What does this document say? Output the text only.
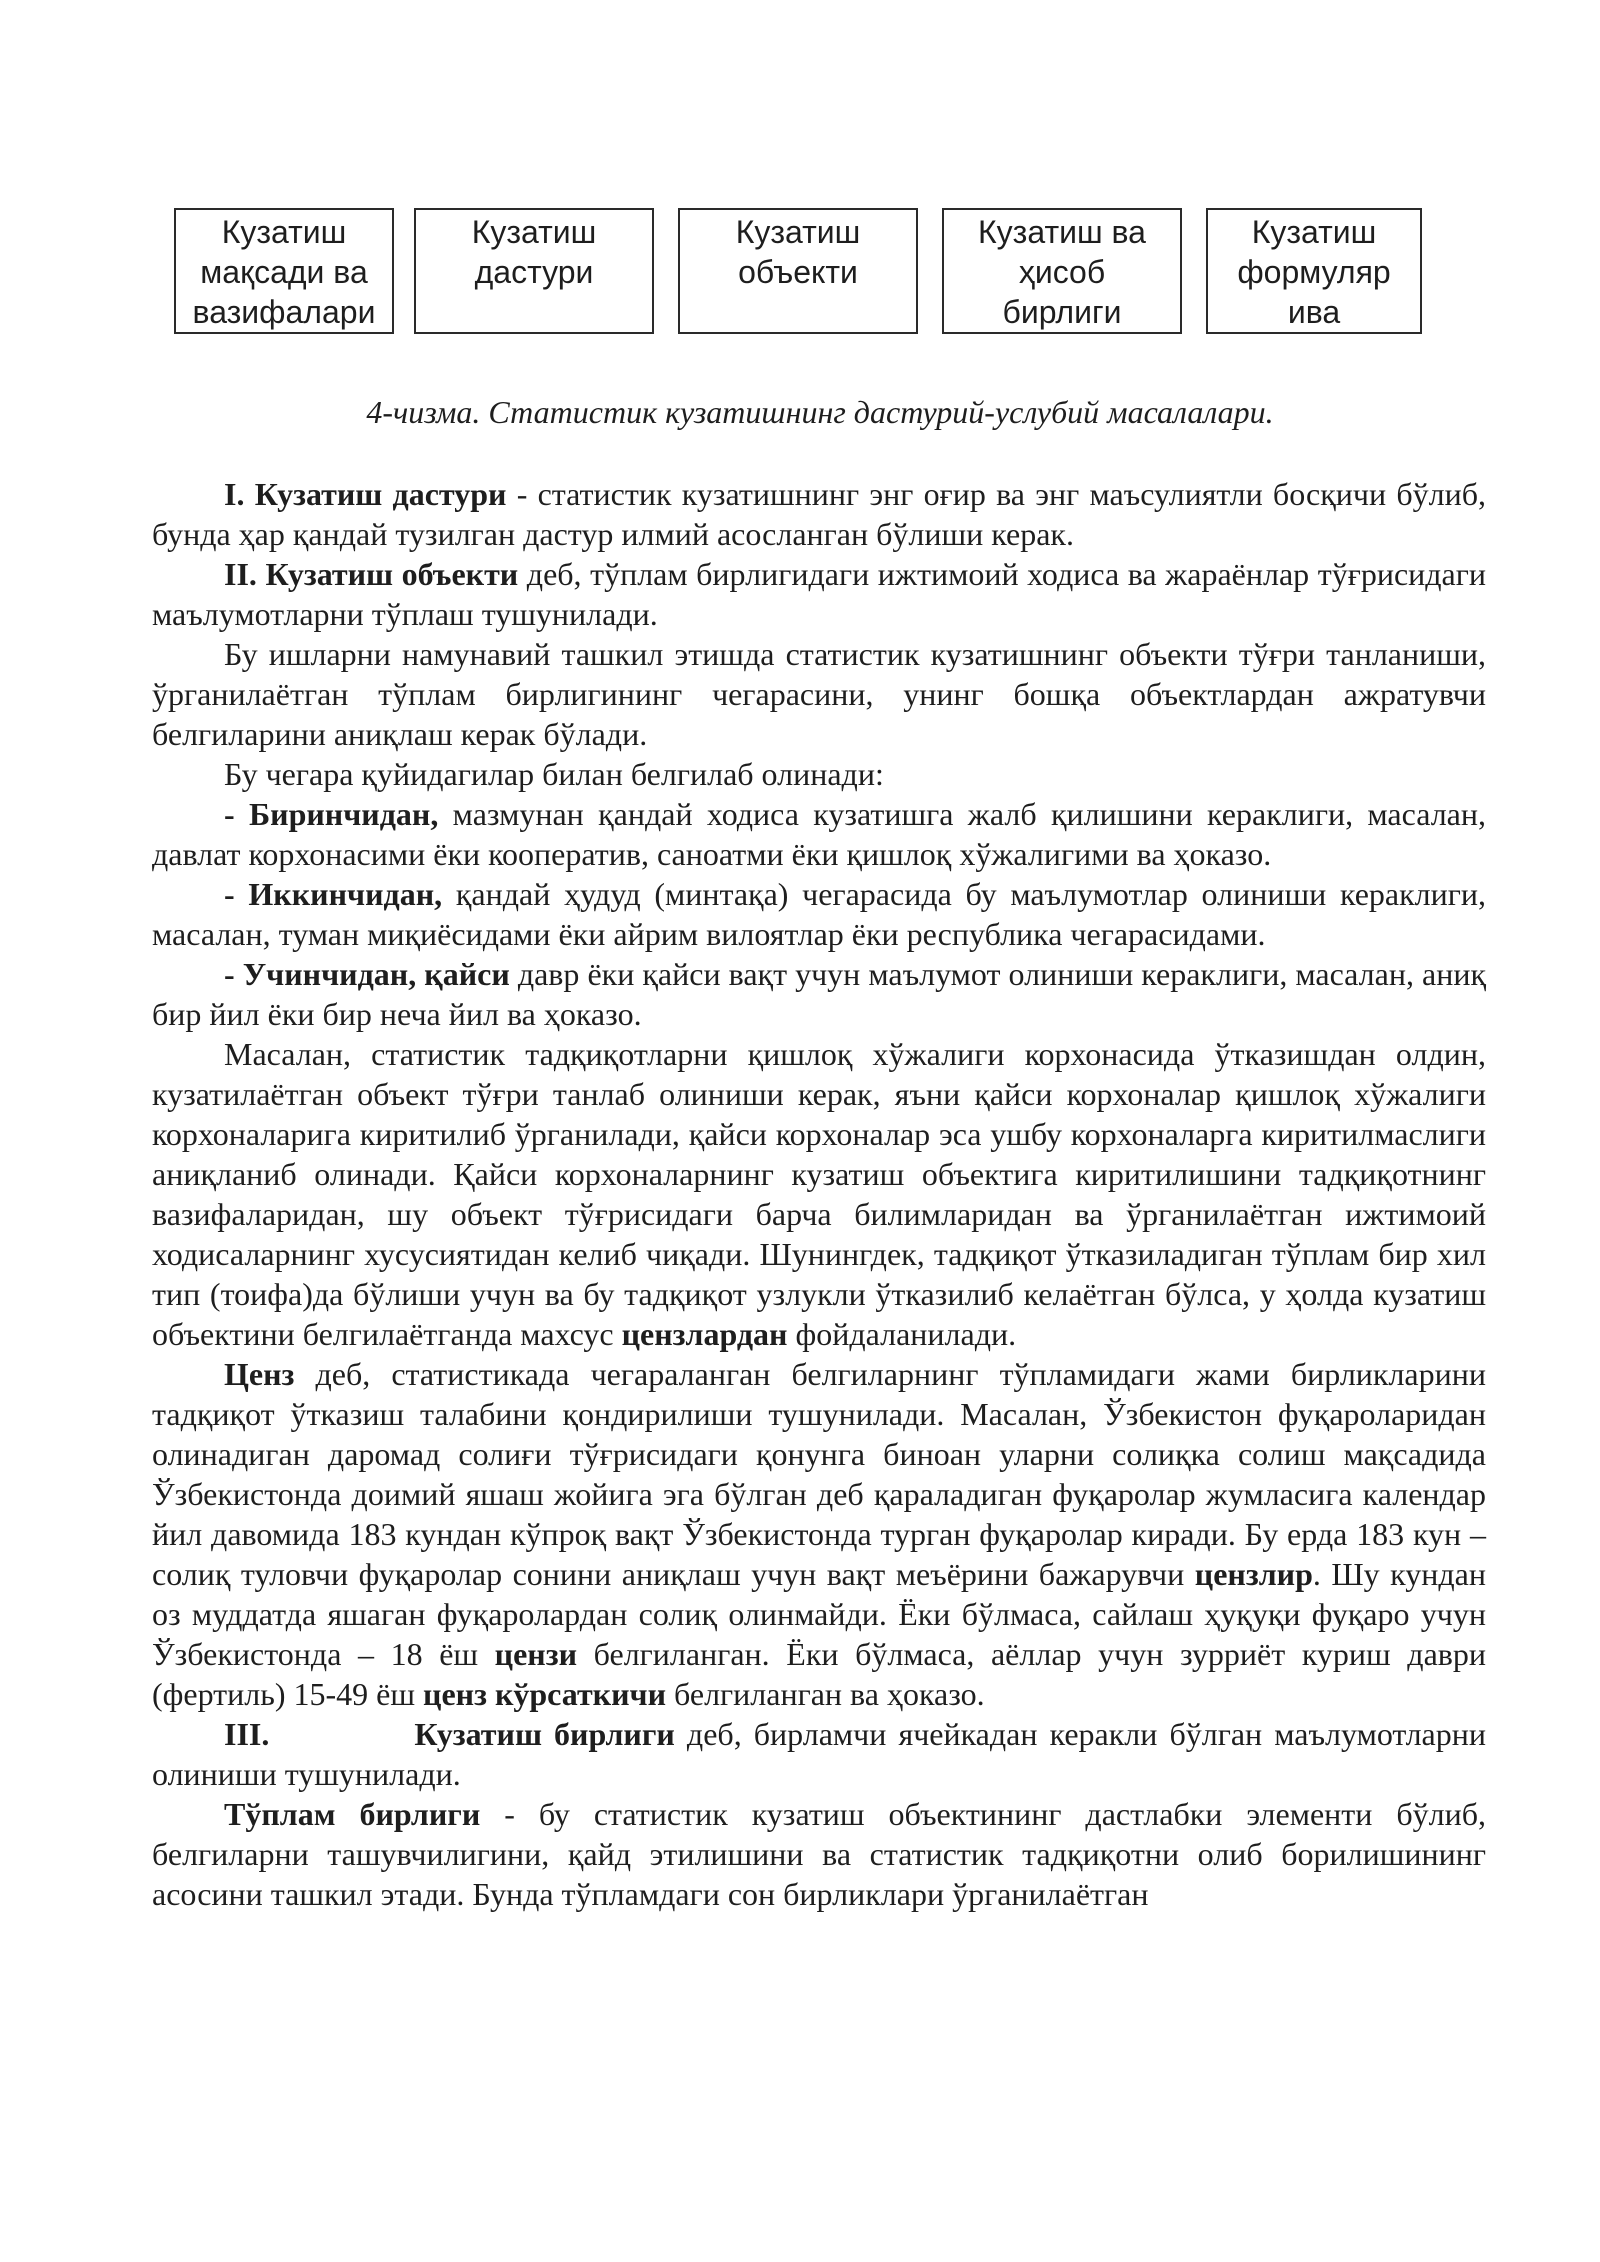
Кузатиш
мақсади ва
вазифалари
Кузатиш
дастури
Кузатиш
объекти
Кузатиш ва
ҳисоб
бирлиги
Кузатиш
формуляр
ива
4-чизма. Статистик кузатишнинг дастурий-услубий масалалари.

I. Кузатиш дастури - статистик кузатишнинг энг оғир ва энг маъсулиятли босқичи бўлиб, бунда ҳар қандай тузилган дастур илмий асосланган бўлиши керак.

II. Кузатиш объекти деб, тўплам бирлигидаги ижтимоий ходиса ва жараёнлар тўғрисидаги маълумотларни тўплаш тушунилади.

Бу ишларни намунавий ташкил этишда статистик кузатишнинг объекти тўғри танланиши, ўрганилаётган тўплам бирлигининг чегарасини, унинг бошқа объектлардан ажратувчи белгиларини аниқлаш керак бўлади.

Бу чегара қуйидагилар билан белгилаб олинади:

- Биринчидан, мазмунан қандай ходиса кузатишга жалб қилишини кераклиги, масалан, давлат корхонасими ёки кооператив, саноатми ёки қишлоқ хўжалигими ва ҳоказо.

- Иккинчидан, қандай ҳудуд (минтақа) чегарасида бу маълумотлар олиниши кераклиги, масалан, туман миқиёсидами ёки айрим вилоятлар ёки республика чегарасидами.

- Учинчидан, қайси давр ёки қайси вақт учун маълумот олиниши кераклиги, масалан, аниқ бир йил ёки бир неча йил ва ҳоказо.

Масалан, статистик тадқиқотларни қишлоқ хўжалиги корхонасида ўтказишдан олдин, кузатилаётган объект тўғри танлаб олиниши керак, яъни қайси корхоналар қишлоқ хўжалиги корхоналарига киритилиб ўрганилади, қайси корхоналар эса ушбу корхоналарга киритилмаслиги аниқланиб олинади. Қайси корхоналарнинг кузатиш объектига киритилишини тадқиқотнинг вазифаларидан, шу объект тўғрисидаги барча билимларидан ва ўрганилаётган ижтимоий ходисаларнинг хусусиятидан келиб чиқади. Шунингдек, тадқиқот ўтказиладиган тўплам бир хил тип (тоифа)да бўлиши учун ва бу тадқиқот узлукли ўтказилиб келаётган бўлса, у ҳолда кузатиш объектини белгилаётганда махсус цензлардан фойдаланилади.

Ценз деб, статистикада чегараланган белгиларнинг тўпламидаги жами бирликларини тадқиқот ўтказиш талабини қондирилиши тушунилади. Масалан, Ўзбекистон фуқароларидан олинадиган даромад солиғи тўғрисидаги қонунга биноан уларни солиқка солиш мақсадида Ўзбекистонда доимий яшаш жойига эга бўлган деб қараладиган фуқаролар жумласига календар йил давомида 183 кундан кўпроқ вақт Ўзбекистонда турган фуқаролар киради. Бу ерда 183 кун – солиқ туловчи фуқаролар сонини аниқлаш учун вақт меъёрини бажарувчи цензлир. Шу кундан оз муддатда яшаган фуқаролардан солиқ олинмайди. Ёки бўлмаса, сайлаш ҳуқуқи фуқаро учун Ўзбекистонда – 18 ёш цензи белгиланган. Ёки бўлмаса, аёллар учун зурриёт куриш даври (фертиль) 15-49 ёш ценз кўрсаткичи белгиланган ва ҳоказо.

III.            Кузатиш бирлиги деб, бирламчи ячейкадан керакли бўлган маълумотларни олиниши тушунилади.

Тўплам бирлиги - бу статистик кузатиш объектининг дастлабки элементи бўлиб, белгиларни ташувчилигини, қайд этилишини ва статистик тадқиқотни олиб борилишининг асосини ташкил этади. Бунда тўпламдаги сон бирликлари ўрганилаётган
